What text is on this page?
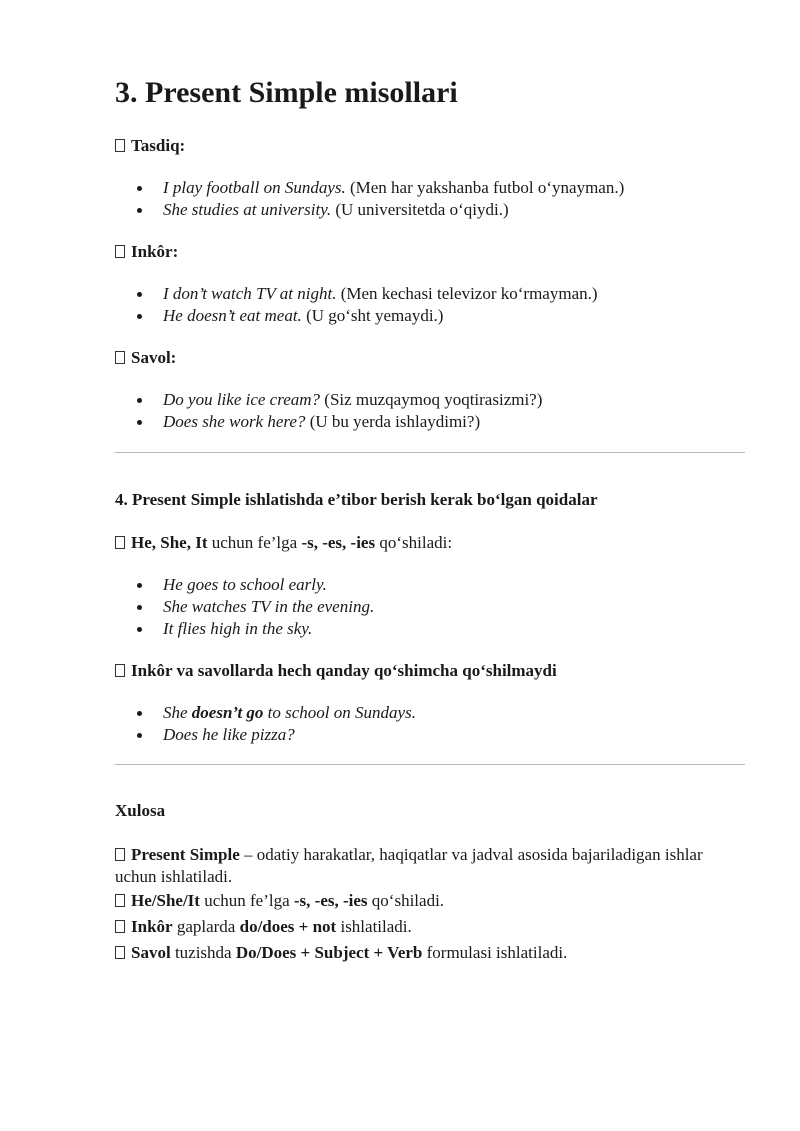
3. Present Simple misollari
Tasdiq:
I play football on Sundays. (Men har yakshanba futbol o‘ynayman.)
She studies at university. (U universitetda o‘qiydi.)
Inkôr:
I don’t watch TV at night. (Men kechasi televizor ko‘rmayman.)
He doesn’t eat meat. (U go‘sht yemaydi.)
Savol:
Do you like ice cream? (Siz muzqaymoq yoqtirasizmi?)
Does she work here? (U bu yerda ishlaydimi?)
4. Present Simple ishlatishda e’tibor berish kerak bo‘lgan qoidalar
He, She, It uchun fe’lga -s, -es, -ies qo‘shiladi:
He goes to school early.
She watches TV in the evening.
It flies high in the sky.
Inkôr va savollarda hech qanday qo‘shimcha qo‘shilmaydi
She doesn’t go to school on Sundays.
Does he like pizza?
Xulosa
Present Simple – odatiy harakatlar, haqiqatlar va jadval asosida bajariladigan ishlar uchun ishlatiladi.
He/She/It uchun fe’lga -s, -es, -ies qo‘shiladi.
Inkôr gaplarda do/does + not ishlatiladi.
Savol tuzishda Do/Does + Subject + Verb formulasi ishlatiladi.
